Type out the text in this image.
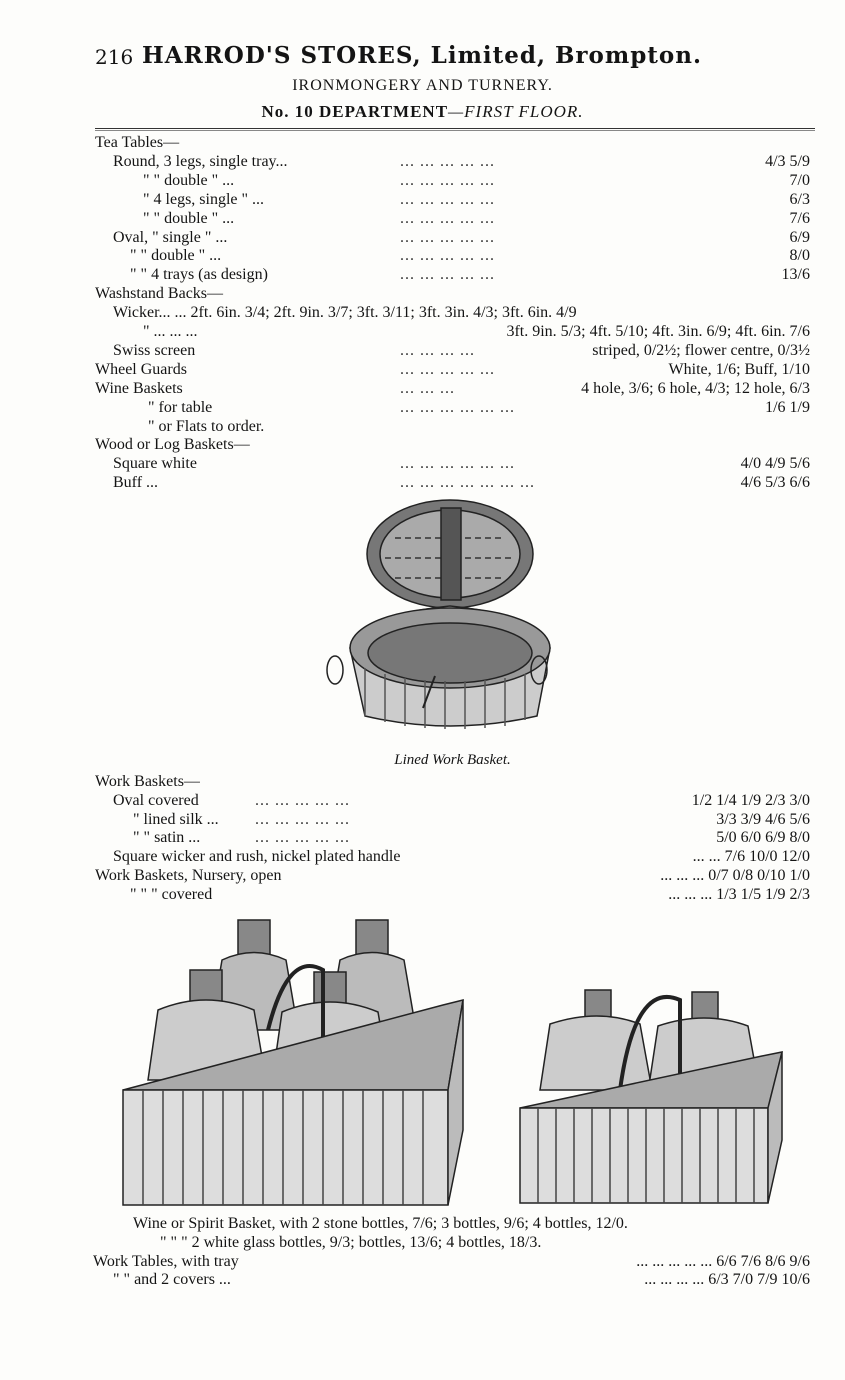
216 HARROD'S STORES, Limited, Brompton.
IRONMONGERY AND TURNERY.
No. 10 DEPARTMENT—FIRST FLOOR.
Tea Tables—
Round, 3 legs, single tray...	... ... ... ... ...	4/3 5/9
" " double " ...	... ... ... ... ...	7/0
" 4 legs, single " ...	... ... ... ... ...	6/3
" " double " ...	... ... ... ... ...	7/6
Oval, " single " ...	... ... ... ... ...	6/9
" " double " ...	... ... ... ... ...	8/0
" " 4 trays (as design)	... ... ... ... ...	13/6
Washstand Backs—
Wicker... ... 2ft. 6in. 3/4; 2ft. 9in. 3/7; 3ft. 3/11; 3ft. 3in. 4/3; 3ft. 6in. 4/9
" ... ... ...	3ft. 9in. 5/3; 4ft. 5/10; 4ft. 3in. 6/9; 4ft. 6in. 7/6
Swiss screen	... ... ... ...	striped, 0/2½; flower centre, 0/3½
Wheel Guards	... ... ... ... ...	White, 1/6; Buff, 1/10
Wine Baskets	... ... ...	4 hole, 3/6; 6 hole, 4/3; 12 hole, 6/3
" for table	... ... ... ... ... ...	1/6 1/9
" or Flats to order.
Wood or Log Baskets—
Square white	... ... ... ... ... ...	4/0 4/9 5/6
Buff ...	... ... ... ... ... ... ...	4/6 5/3 6/6
Lined Work Basket.
Work Baskets—
Oval covered	... ... ... ... ...	1/2 1/4 1/9 2/3 3/0
" lined silk ... ... ... ... ... ...	3/3 3/9 4/6 5/6
" " satin ...	... ... ... ... ...	5/0 6/0 6/9 8/0
Square wicker and rush, nickel plated handle	... ... 7/6 10/0 12/0
Work Baskets, Nursery, open	... ... ... 0/7 0/8 0/10 1/0
" " " covered	... ... ... 1/3 1/5 1/9 2/3
Wine or Spirit Basket, with 2 stone bottles, 7/6; 3 bottles, 9/6; 4 bottles, 12/0.
" " " 2 white glass bottles, 9/3; bottles, 13/6; 4 bottles, 18/3.
Work Tables, with tray	... ... ... ... ... 6/6 7/6 8/6 9/6
" " and 2 covers ...	... ... ... ... 6/3 7/0 7/9 10/6
